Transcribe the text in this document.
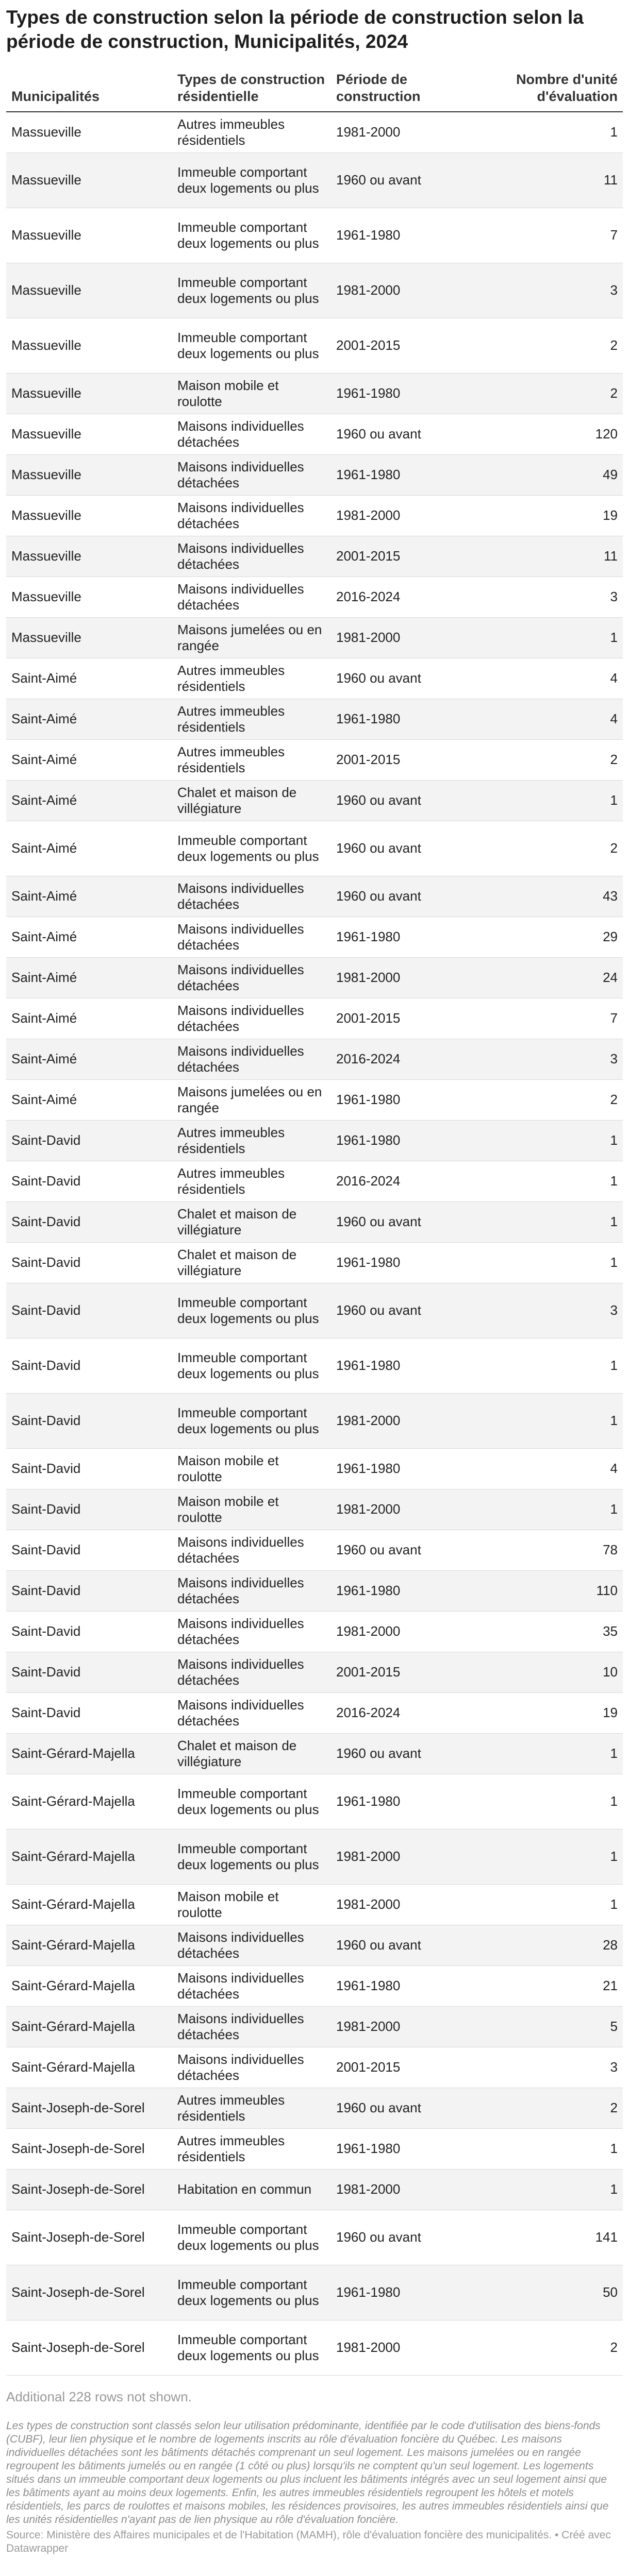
Types de construction selon la période de construction selon la période de construction, Municipalités, 2024
Municipalités	Types de construction résidentielle	Période de construction	Nombre d'unité d'évaluation
Massueville	Autres immeubles résidentiels	1981-2000	1
Massueville	Immeuble comportant deux logements ou plus	1960 ou avant	11
Massueville	Immeuble comportant deux logements ou plus	1961-1980	7
Massueville	Immeuble comportant deux logements ou plus	1981-2000	3
Massueville	Immeuble comportant deux logements ou plus	2001-2015	2
Massueville	Maison mobile et roulotte	1961-1980	2
Massueville	Maisons individuelles détachées	1960 ou avant	120
Massueville	Maisons individuelles détachées	1961-1980	49
Massueville	Maisons individuelles détachées	1981-2000	19
Massueville	Maisons individuelles détachées	2001-2015	11
Massueville	Maisons individuelles détachées	2016-2024	3
Massueville	Maisons jumelées ou en rangée	1981-2000	1
Saint-Aimé	Autres immeubles résidentiels	1960 ou avant	4
Saint-Aimé	Autres immeubles résidentiels	1961-1980	4
Saint-Aimé	Autres immeubles résidentiels	2001-2015	2
Saint-Aimé	Chalet et maison de villégiature	1960 ou avant	1
Saint-Aimé	Immeuble comportant deux logements ou plus	1960 ou avant	2
Saint-Aimé	Maisons individuelles détachées	1960 ou avant	43
Saint-Aimé	Maisons individuelles détachées	1961-1980	29
Saint-Aimé	Maisons individuelles détachées	1981-2000	24
Saint-Aimé	Maisons individuelles détachées	2001-2015	7
Saint-Aimé	Maisons individuelles détachées	2016-2024	3
Saint-Aimé	Maisons jumelées ou en rangée	1961-1980	2
Saint-David	Autres immeubles résidentiels	1961-1980	1
Saint-David	Autres immeubles résidentiels	2016-2024	1
Saint-David	Chalet et maison de villégiature	1960 ou avant	1
Saint-David	Chalet et maison de villégiature	1961-1980	1
Saint-David	Immeuble comportant deux logements ou plus	1960 ou avant	3
Saint-David	Immeuble comportant deux logements ou plus	1961-1980	1
Saint-David	Immeuble comportant deux logements ou plus	1981-2000	1
Saint-David	Maison mobile et roulotte	1961-1980	4
Saint-David	Maison mobile et roulotte	1981-2000	1
Saint-David	Maisons individuelles détachées	1960 ou avant	78
Saint-David	Maisons individuelles détachées	1961-1980	110
Saint-David	Maisons individuelles détachées	1981-2000	35
Saint-David	Maisons individuelles détachées	2001-2015	10
Saint-David	Maisons individuelles détachées	2016-2024	19
Saint-Gérard-Majella	Chalet et maison de villégiature	1960 ou avant	1
Saint-Gérard-Majella	Immeuble comportant deux logements ou plus	1961-1980	1
Saint-Gérard-Majella	Immeuble comportant deux logements ou plus	1981-2000	1
Saint-Gérard-Majella	Maison mobile et roulotte	1981-2000	1
Saint-Gérard-Majella	Maisons individuelles détachées	1960 ou avant	28
Saint-Gérard-Majella	Maisons individuelles détachées	1961-1980	21
Saint-Gérard-Majella	Maisons individuelles détachées	1981-2000	5
Saint-Gérard-Majella	Maisons individuelles détachées	2001-2015	3
Saint-Joseph-de-Sorel	Autres immeubles résidentiels	1960 ou avant	2
Saint-Joseph-de-Sorel	Autres immeubles résidentiels	1961-1980	1
Saint-Joseph-de-Sorel	Habitation en commun	1981-2000	1
Saint-Joseph-de-Sorel	Immeuble comportant deux logements ou plus	1960 ou avant	141
Saint-Joseph-de-Sorel	Immeuble comportant deux logements ou plus	1961-1980	50
Saint-Joseph-de-Sorel	Immeuble comportant deux logements ou plus	1981-2000	2
Additional 228 rows not shown.

Les types de construction sont classés selon leur utilisation prédominante, identifiée par le code d'utilisation des biens-fonds (CUBF), leur lien physique et le nombre de logements inscrits au rôle d'évaluation foncière du Québec. Les maisons individuelles détachées sont les bâtiments détachés comprenant un seul logement. Les maisons jumelées ou en rangée regroupent les bâtiments jumelés ou en rangée (1 côté ou plus) lorsqu'ils ne comptent qu'un seul logement. Les logements situés dans un immeuble comportant deux logements ou plus incluent les bâtiments intégrés avec un seul logement ainsi que les bâtiments ayant au moins deux logements. Enfin, les autres immeubles résidentiels regroupent les hôtels et motels résidentiels, les parcs de roulottes et maisons mobiles, les résidences provisoires, les autres immeubles résidentiels ainsi que les unités résidentielles n'ayant pas de lien physique au rôle d'évaluation foncière.

Source: Ministère des Affaires municipales et de l'Habitation (MAMH), rôle d'évaluation foncière des municipalités. • Créé avec Datawrapper
